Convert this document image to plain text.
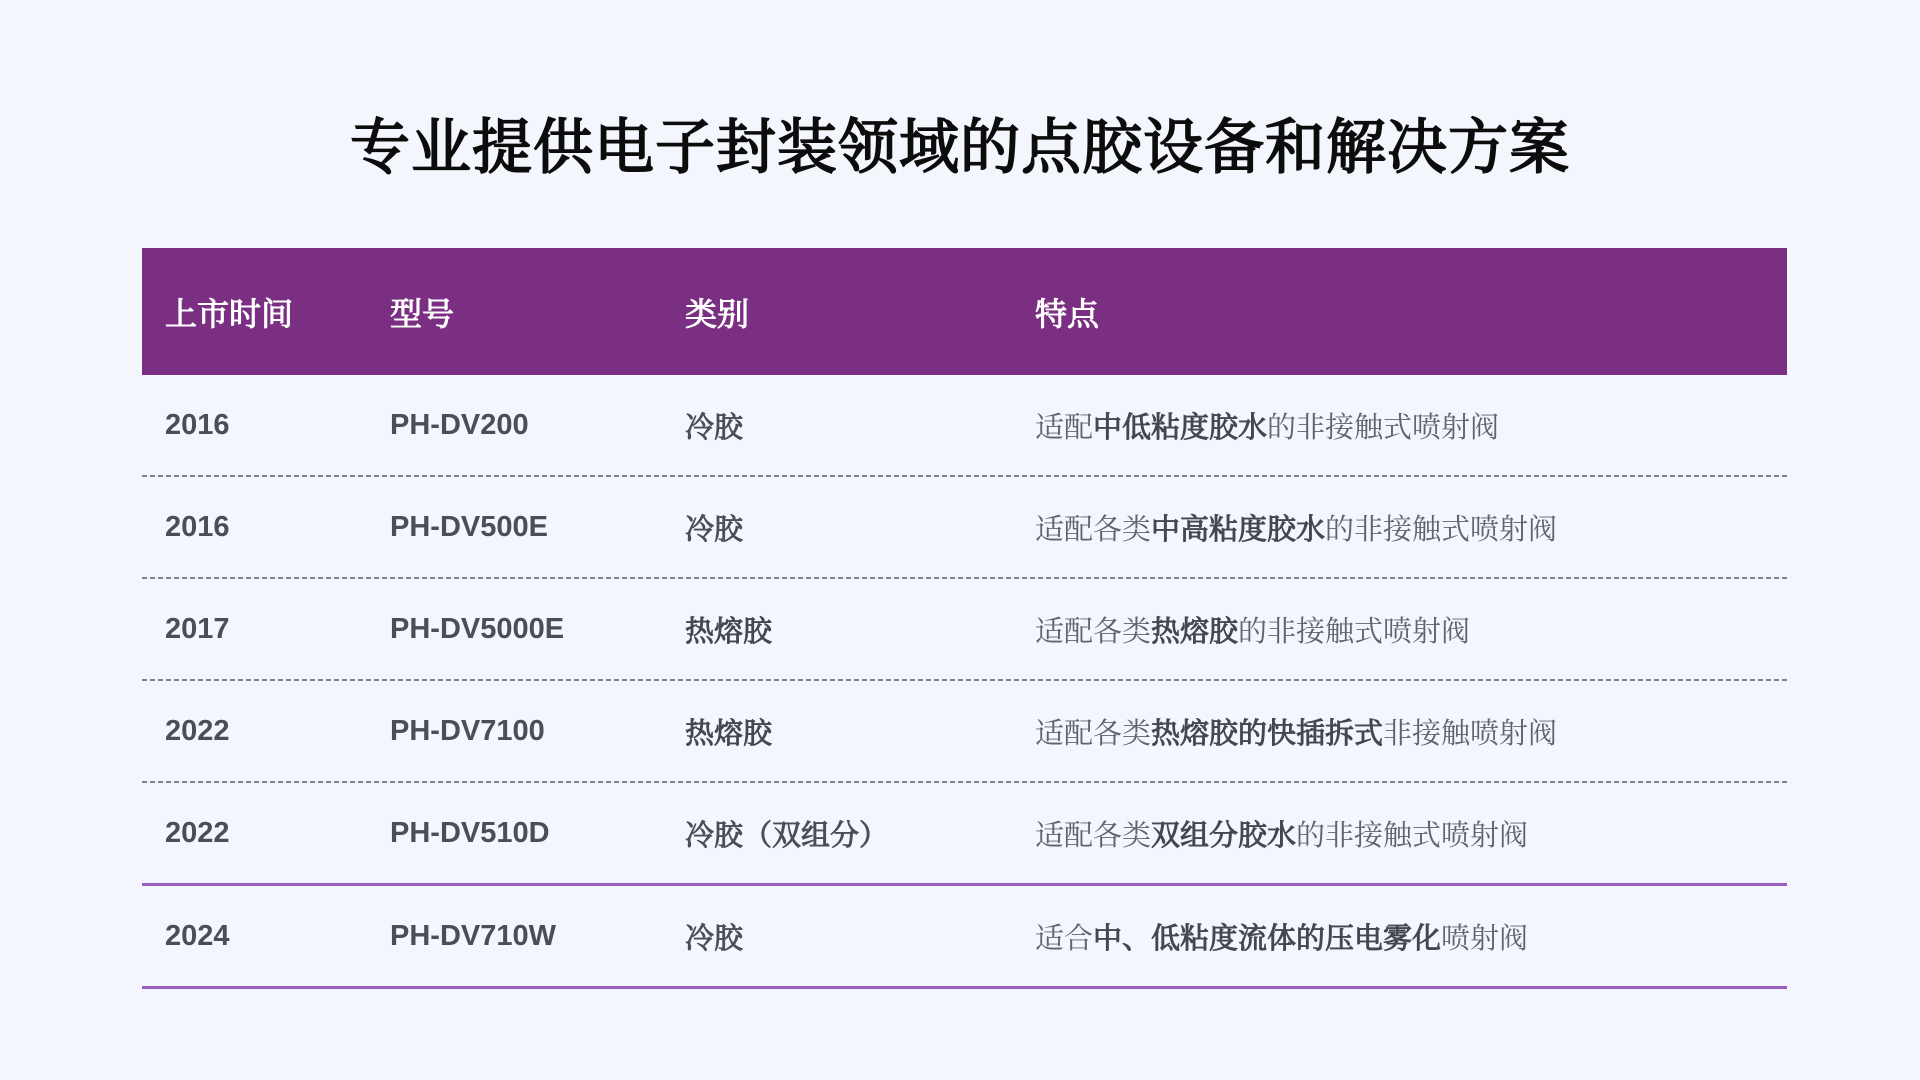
专业提供电子封装领域的点胶设备和解决方案
上市时间	型号	类别	特点
2016	PH-DV200	冷胶	适配中低粘度胶水的非接触式喷射阀
2016	PH-DV500E	冷胶	适配各类中高粘度胶水的非接触式喷射阀
2017	PH-DV5000E	热熔胶	适配各类热熔胶的非接触式喷射阀
2022	PH-DV7100	热熔胶	适配各类热熔胶的快插拆式非接触喷射阀
2022	PH-DV510D	冷胶（双组分）	适配各类双组分胶水的非接触式喷射阀
2024	PH-DV710W	冷胶	适合中、低粘度流体的压电雾化喷射阀
